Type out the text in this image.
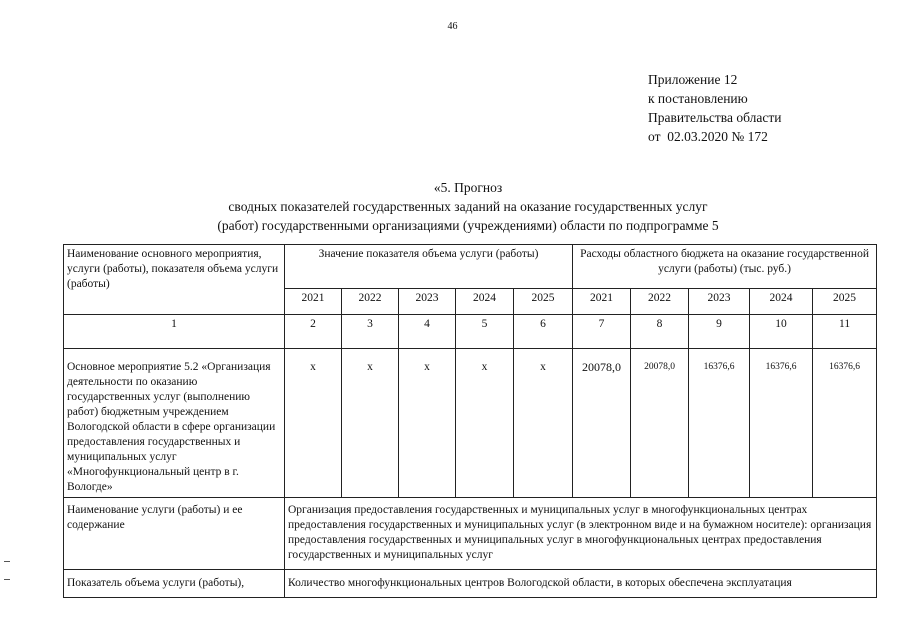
46
Приложение 12
к постановлению
Правительства области
от  02.03.2020 № 172
«5. Прогноз
сводных показателей государственных заданий на оказание государственных услуг
(работ) государственными организациями (учреждениями) области по подпрограмме 5
Наименование основного мероприятия, услуги (работы), показателя объема услуги (работы)	Значение показателя объема услуги (работы)					Расходы областного бюджета на оказание государственной услуги (работы) (тыс. руб.)				
	2021	2022	2023	2024	2025	2021	2022	2023	2024	2025
1	2	3	4	5	6	7	8	9	10	11
Основное мероприятие 5.2 «Организация деятельности по оказанию государственных услуг (выполнению работ) бюджетным учреждением Вологодской области в сфере организации предоставления государственных и муниципальных услуг «Многофункциональный центр в г. Вологде»	х	х	х	х	х	20078,0	20078,0	16376,6	16376,6	16376,6
Наименование услуги (работы) и ее содержание	Организация предоставления государственных и муниципальных услуг в многофункциональных центрах предоставления государственных и муниципальных услуг (в электронном виде и на бумажном носителе): организация предоставления государственных и муниципальных услуг в многофункциональных центрах предоставления государственных и муниципальных услуг									
Показатель объема услуги (работы),	Количество многофункциональных центров Вологодской области, в которых обеспечена эксплуатация									
